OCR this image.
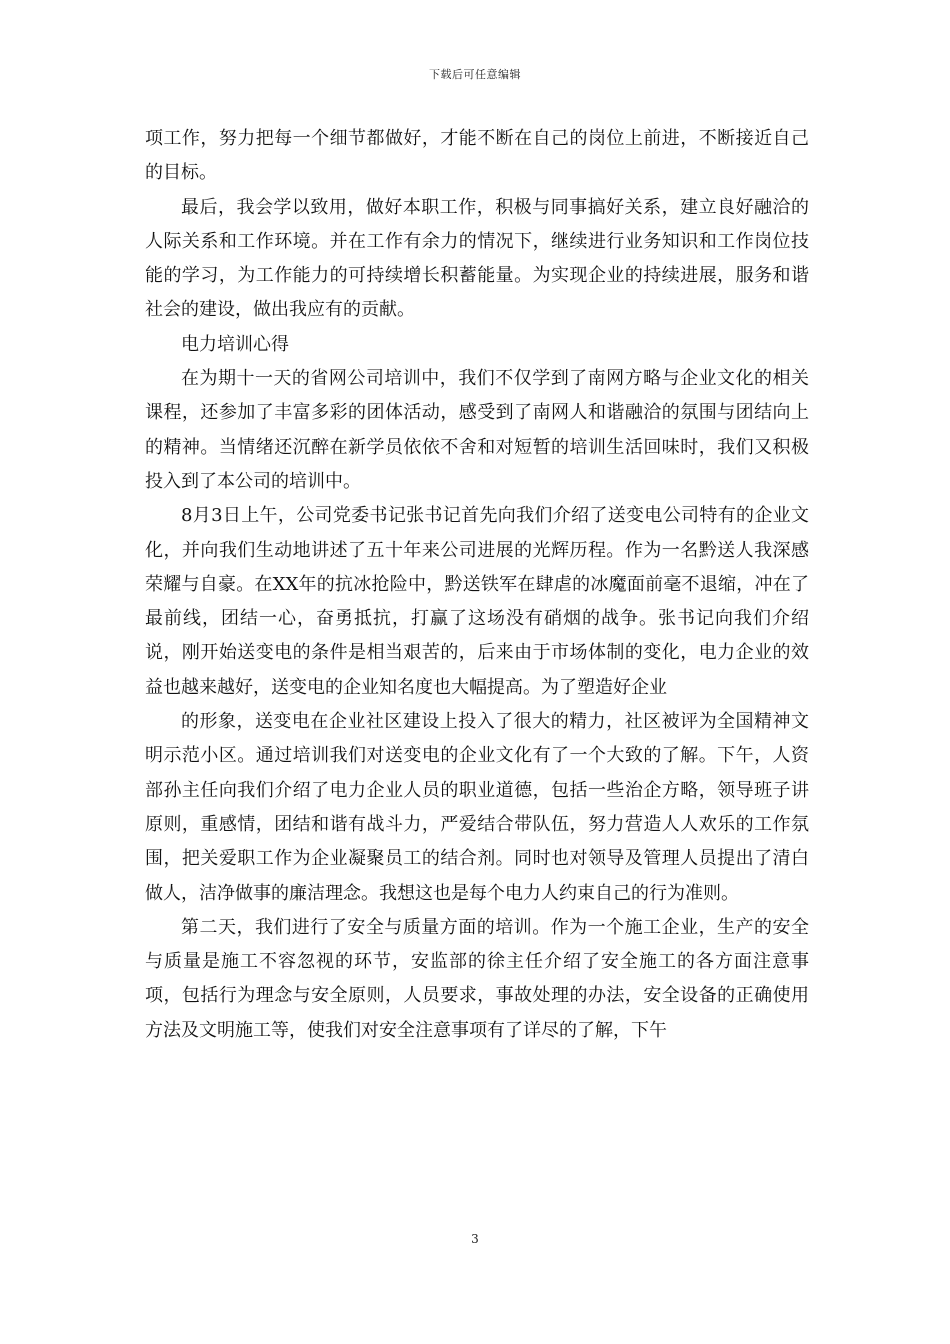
下载后可任意编辑

项工作，努力把每一个细节都做好，才能不断在自己的岗位上前进，不断接近自己的目标。

最后，我会学以致用，做好本职工作，积极与同事搞好关系，建立良好融洽的人际关系和工作环境。并在工作有余力的情况下，继续进行业务知识和工作岗位技能的学习，为工作能力的可持续增长积蓄能量。为实现企业的持续进展，服务和谐社会的建设，做出我应有的贡献。

电力培训心得

在为期十一天的省网公司培训中，我们不仅学到了南网方略与企业文化的相关课程，还参加了丰富多彩的团体活动，感受到了南网人和谐融洽的氛围与团结向上的精神。当情绪还沉醉在新学员依依不舍和对短暂的培训生活回味时，我们又积极投入到了本公司的培训中。

8月3日上午，公司党委书记张书记首先向我们介绍了送变电公司特有的企业文化，并向我们生动地讲述了五十年来公司进展的光辉历程。作为一名黔送人我深感荣耀与自豪。在XX年的抗冰抢险中，黔送铁军在肆虐的冰魔面前毫不退缩，冲在了最前线，团结一心，奋勇抵抗，打赢了这场没有硝烟的战争。张书记向我们介绍说，刚开始送变电的条件是相当艰苦的，后来由于市场体制的变化，电力企业的效益也越来越好，送变电的企业知名度也大幅提高。为了塑造好企业

的形象，送变电在企业社区建设上投入了很大的精力，社区被评为全国精神文明示范小区。通过培训我们对送变电的企业文化有了一个大致的了解。下午，人资部孙主任向我们介绍了电力企业人员的职业道德，包括一些治企方略，领导班子讲原则，重感情，团结和谐有战斗力，严爱结合带队伍，努力营造人人欢乐的工作氛围，把关爱职工作为企业凝聚员工的结合剂。同时也对领导及管理人员提出了清白做人，洁净做事的廉洁理念。我想这也是每个电力人约束自己的行为准则。

第二天，我们进行了安全与质量方面的培训。作为一个施工企业，生产的安全与质量是施工不容忽视的环节，安监部的徐主任介绍了安全施工的各方面注意事项，包括行为理念与安全原则，人员要求，事故处理的办法，安全设备的正确使用方法及文明施工等，使我们对安全注意事项有了详尽的了解，下午

3
